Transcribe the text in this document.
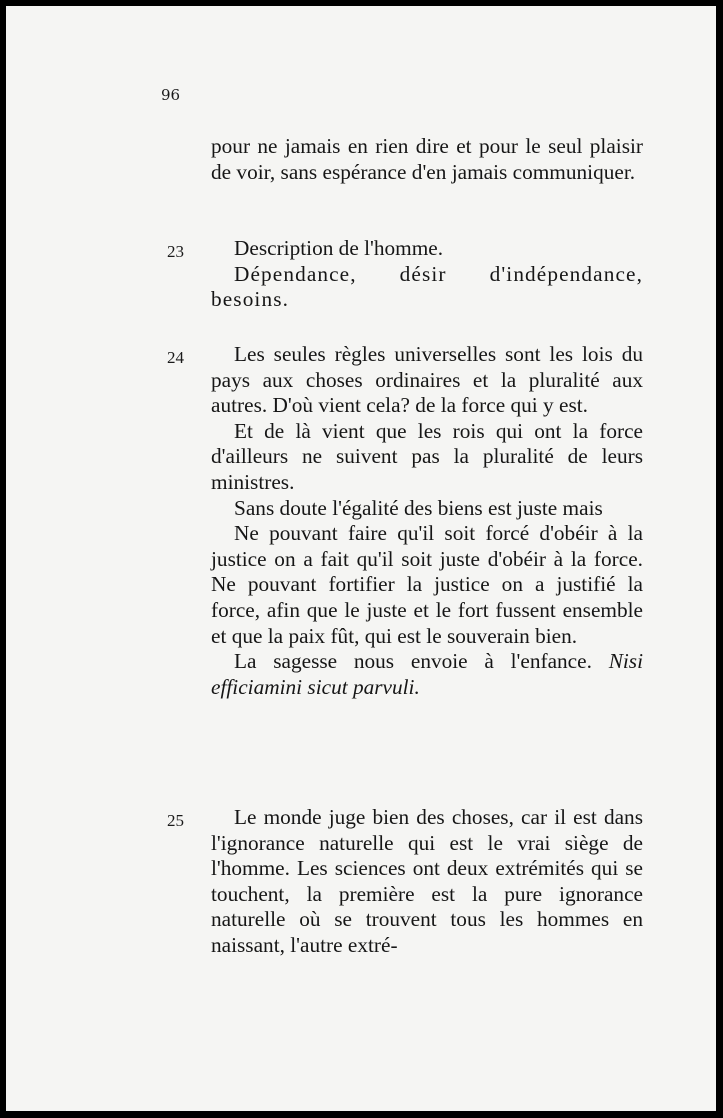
96

pour ne jamais en rien dire et pour le seul plaisir de voir, sans espérance d'en jamais communiquer.

23	Description de l'homme.

Dépendance, désir d'indépendance, besoins.

24	Les seules règles universelles sont les lois du pays aux choses ordinaires et la pluralité aux autres. D'où vient cela? de la force qui y est.

Et de là vient que les rois qui ont la force d'ailleurs ne suivent pas la pluralité de leurs ministres.

Sans doute l'égalité des biens est juste mais

Ne pouvant faire qu'il soit forcé d'obéir à la justice on a fait qu'il soit juste d'obéir à la force. Ne pouvant fortifier la justice on a justifié la force, afin que le juste et le fort fussent ensemble et que la paix fût, qui est le souverain bien.

La sagesse nous envoie à l'enfance. Nisi efficiamini sicut parvuli.

25	Le monde juge bien des choses, car il est dans l'ignorance naturelle qui est le vrai siège de l'homme. Les sciences ont deux extrémités qui se touchent, la première est la pure ignorance naturelle où se trouvent tous les hommes en naissant, l'autre extré-
